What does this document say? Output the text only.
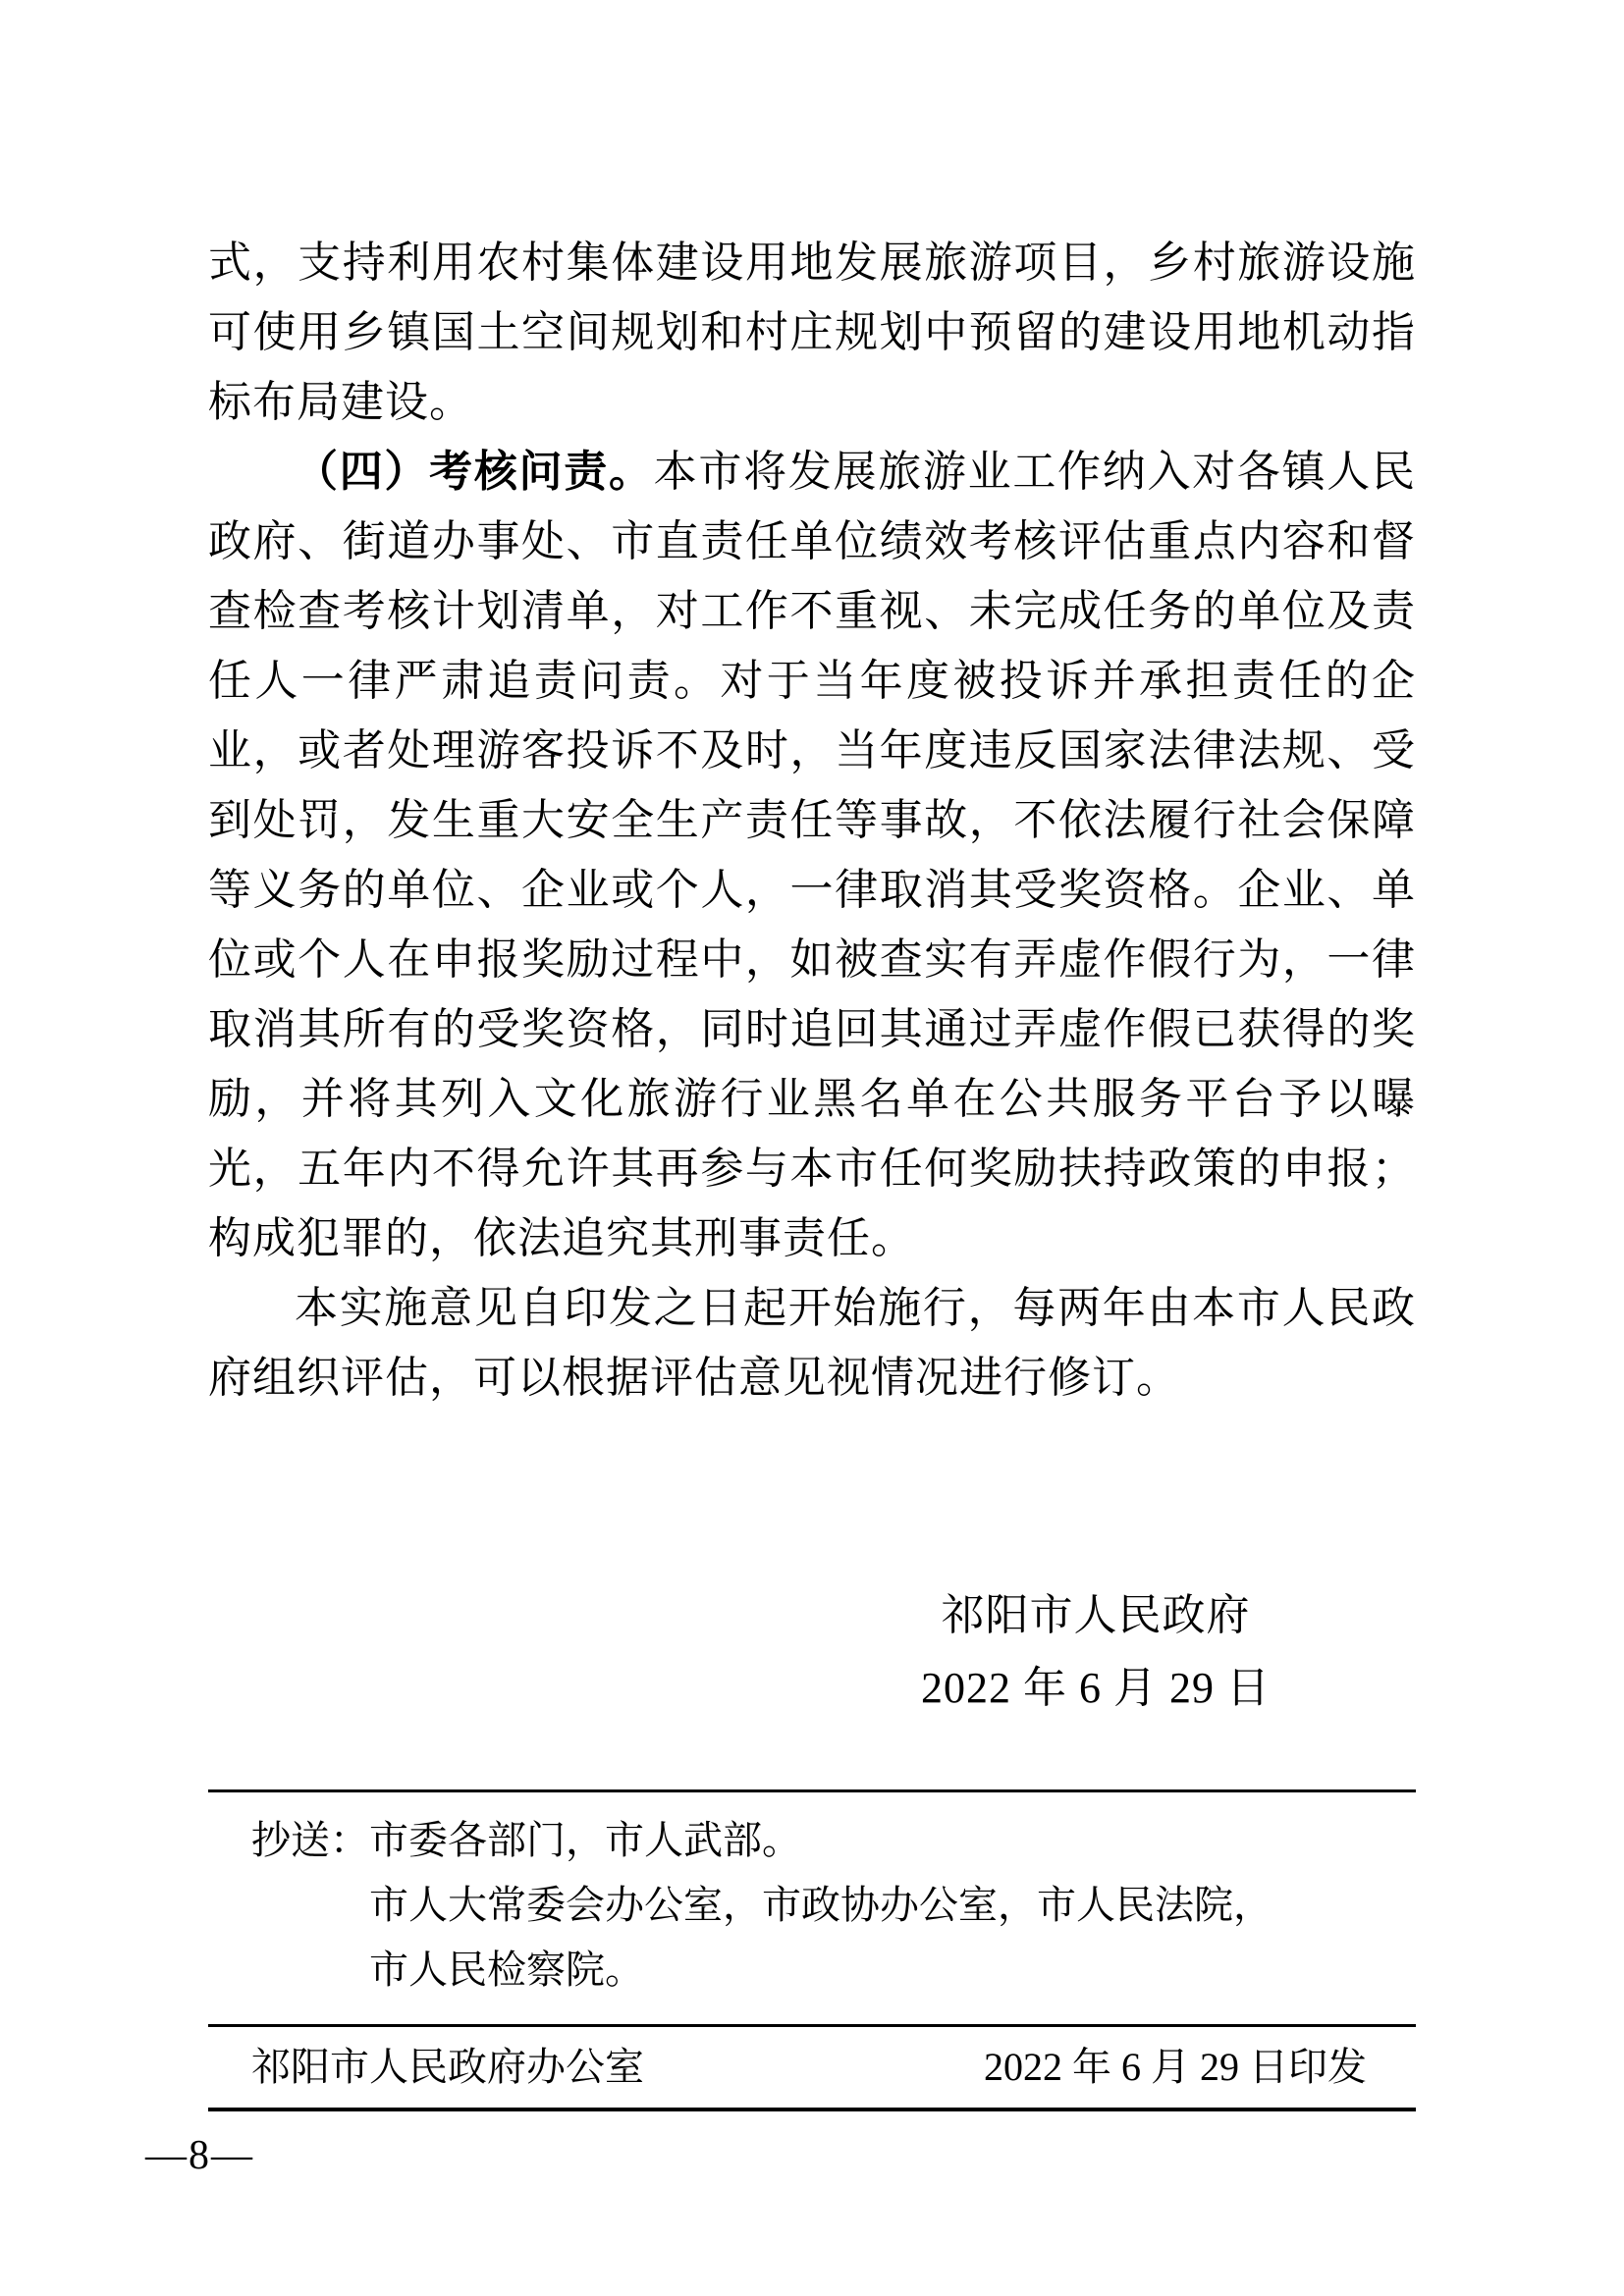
式，支持利用农村集体建设用地发展旅游项目，乡村旅游设施可使用乡镇国土空间规划和村庄规划中预留的建设用地机动指标布局建设。

（四）考核问责。本市将发展旅游业工作纳入对各镇人民政府、街道办事处、市直责任单位绩效考核评估重点内容和督查检查考核计划清单，对工作不重视、未完成任务的单位及责任人一律严肃追责问责。对于当年度被投诉并承担责任的企业，或者处理游客投诉不及时，当年度违反国家法律法规、受到处罚，发生重大安全生产责任等事故，不依法履行社会保障等义务的单位、企业或个人，一律取消其受奖资格。企业、单位或个人在申报奖励过程中，如被查实有弄虚作假行为，一律取消其所有的受奖资格，同时追回其通过弄虚作假已获得的奖励，并将其列入文化旅游行业黑名单在公共服务平台予以曝光，五年内不得允许其再参与本市任何奖励扶持政策的申报；构成犯罪的，依法追究其刑事责任。

本实施意见自印发之日起开始施行，每两年由本市人民政府组织评估，可以根据评估意见视情况进行修订。

祁阳市人民政府
2022 年 6 月 29 日
抄送： 市委各部门，市人武部。
市人大常委会办公室，市政协办公室，市人民法院，
市人民检察院。
祁阳市人民政府办公室	2022 年 6 月 29 日印发
—8—
